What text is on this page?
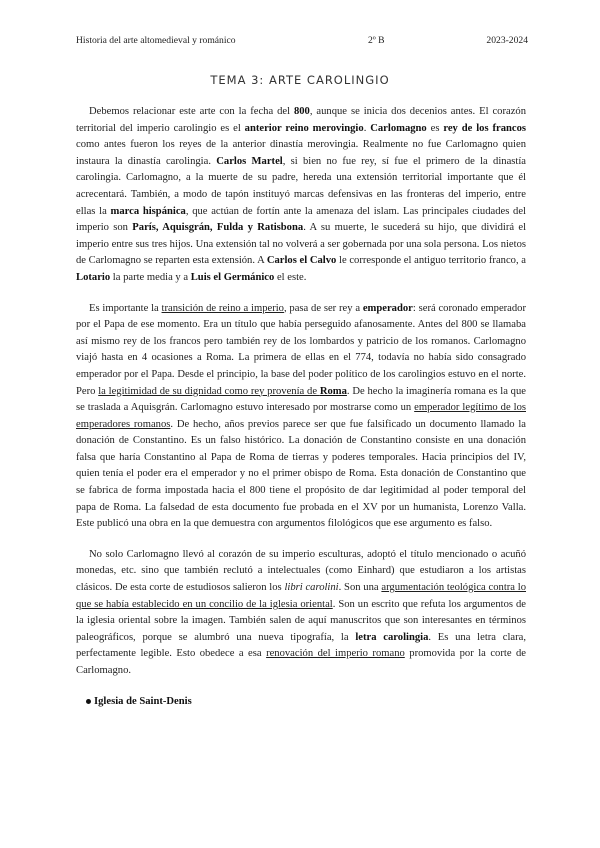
Historia del arte altomedieval y románico	2º B	2023-2024
TEMA 3: ARTE CAROLINGIO

Debemos relacionar este arte con la fecha del 800, aunque se inicia dos decenios antes. El corazón territorial del imperio carolingio es el anterior reino merovingio. Carlomagno es rey de los francos como antes fueron los reyes de la anterior dinastía merovingia. Realmente no fue Carlomagno quien instaura la dinastía carolingia. Carlos Martel, si bien no fue rey, sí fue el primero de la dinastía carolingia. Carlomagno, a la muerte de su padre, hereda una extensión territorial importante que él acrecentará. También, a modo de tapón instituyó marcas defensivas en las fronteras del imperio, entre ellas la marca hispánica, que actúan de fortín ante la amenaza del islam. Las principales ciudades del imperio son París, Aquisgrán, Fulda y Ratisbona. A su muerte, le sucederá su hijo, que dividirá el imperio entre sus tres hijos. Una extensión tal no volverá a ser gobernada por una sola persona. Los nietos de Carlomagno se reparten esta extensión. A Carlos el Calvo le corresponde el antiguo territorio franco, a Lotario la parte media y a Luis el Germánico el este.

Es importante la transición de reino a imperio, pasa de ser rey a emperador: será coronado emperador por el Papa de ese momento. Era un título que había perseguido afanosamente. Antes del 800 se llamaba así mismo rey de los francos pero también rey de los lombardos y patricio de los romanos. Carlomagno viajó hasta en 4 ocasiones a Roma. La primera de ellas en el 774, todavía no había sido consagrado emperador por el Papa. Desde el principio, la base del poder político de los carolingios estuvo en el norte. Pero la legitimidad de su dignidad como rey provenía de Roma. De hecho la imaginería romana es la que se traslada a Aquisgrán. Carlomagno estuvo interesado por mostrarse como un emperador legítimo de los emperadores romanos. De hecho, años previos parece ser que fue falsificado un documento llamado la donación de Constantino. Es un falso histórico. La donación de Constantino consiste en una donación falsa que haría Constantino al Papa de Roma de tierras y poderes temporales. Hacia principios del IV, quien tenía el poder era el emperador y no el primer obispo de Roma. Esta donación de Constantino que se fabrica de forma impostada hacia el 800 tiene el propósito de dar legitimidad al poder temporal del papa de Roma. La falsedad de esta documento fue probada en el XV por un humanista, Lorenzo Valla. Este publicó una obra en la que demuestra con argumentos filológicos que ese argumento es falso.

No solo Carlomagno llevó al corazón de su imperio esculturas, adoptó el título mencionado o acuñó monedas, etc. sino que también reclutó a intelectuales (como Einhard) que estudiaron a los artistas clásicos. De esta corte de estudiosos salieron los libri carolini. Son una argumentación teológica contra lo que se había establecido en un concilio de la iglesia oriental. Son un escrito que refuta los argumentos de la iglesia oriental sobre la imagen. También salen de aquí manuscritos que son interesantes en términos paleográficos, porque se alumbró una nueva tipografía, la letra carolingia. Es una letra clara, perfectamente legible. Esto obedece a esa renovación del imperio romano promovida por la corte de Carlomagno.

Iglesia de Saint-Denis
